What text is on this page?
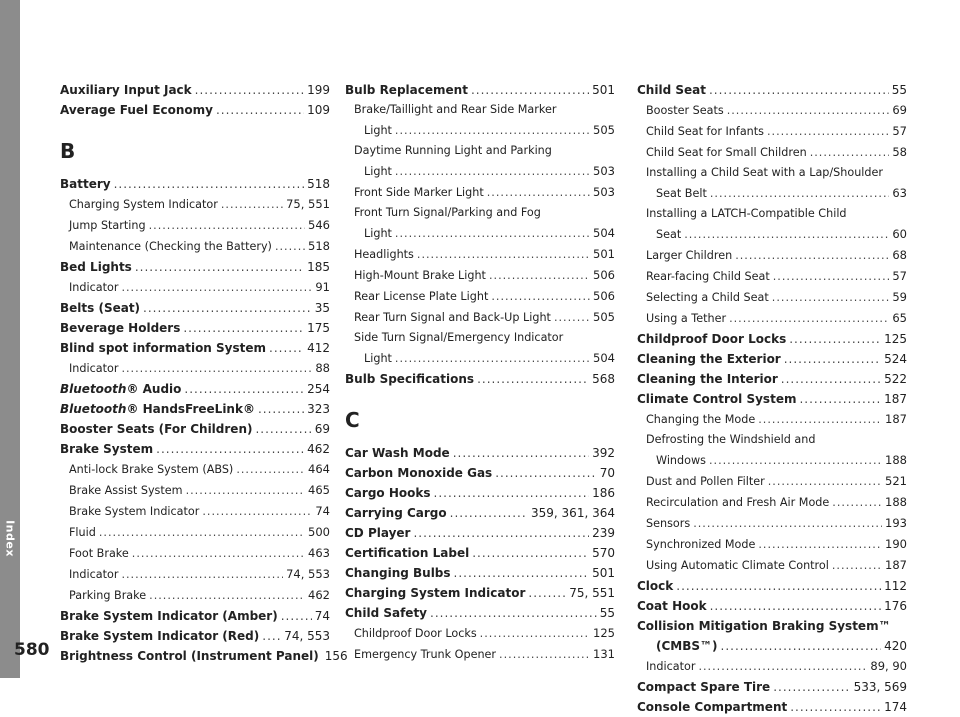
Index
Auxiliary Input Jack .....	199
Average Fuel Economy .....	109
B
Battery .....	518
Charging System Indicator .....	75, 551
Jump Starting .....	546
Maintenance (Checking the Battery) .....	518
Bed Lights .....	185
Indicator .....	91
Belts (Seat) .....	35
Beverage Holders .....	175
Blind spot information System .....	412
Indicator .....	88
Bluetooth® Audio .....	254
Bluetooth® HandsFreeLink® .....	323
Booster Seats (For Children) .....	69
Brake System .....	462
Anti-lock Brake System (ABS) .....	464
Brake Assist System .....	465
Brake System Indicator .....	74
Fluid .....	500
Foot Brake .....	463
Indicator .....	74, 553
Parking Brake .....	462
Brake System Indicator (Amber) .....	74
Brake System Indicator (Red) ..... 74, 553
Brightness Control (Instrument Panel) 156
Bulb Replacement .....	501
Brake/Taillight and Rear Side Marker
Light .....	505
Daytime Running Light and Parking
Light .....	503
Front Side Marker Light .....	503
Front Turn Signal/Parking and Fog
Light .....	504
Headlights .....	501
High-Mount Brake Light .....	506
Rear License Plate Light .....	506
Rear Turn Signal and Back-Up Light .....	505
Side Turn Signal/Emergency Indicator
Light .....	504
Bulb Specifications .....	568
C
Car Wash Mode .....	392
Carbon Monoxide Gas .....	70
Cargo Hooks .....	186
Carrying Cargo .....	359, 361, 364
CD Player .....	239
Certification Label .....	570
Changing Bulbs .....	501
Charging System Indicator .....	75, 551
Child Safety .....	55
Childproof Door Locks .....	125
Emergency Trunk Opener .....	131
Child Seat .....	55
Booster Seats .....	69
Child Seat for Infants .....	57
Child Seat for Small Children .....	58
Installing a Child Seat with a Lap/Shoulder
Seat Belt .....	63
Installing a LATCH-Compatible Child
Seat .....	60
Larger Children .....	68
Rear-facing Child Seat .....	57
Selecting a Child Seat .....	59
Using a Tether .....	65
Childproof Door Locks .....	125
Cleaning the Exterior .....	524
Cleaning the Interior .....	522
Climate Control System .....	187
Changing the Mode .....	187
Defrosting the Windshield and
Windows .....	188
Dust and Pollen Filter .....	521
Recirculation and Fresh Air Mode .....	188
Sensors .....	193
Synchronized Mode .....	190
Using Automatic Climate Control .....	187
Clock .....	112
Coat Hook .....	176
Collision Mitigation Braking System™
(CMBS™) .....	420
Indicator .....	89, 90
Compact Spare Tire .....	533, 569
Console Compartment .....	174
580
